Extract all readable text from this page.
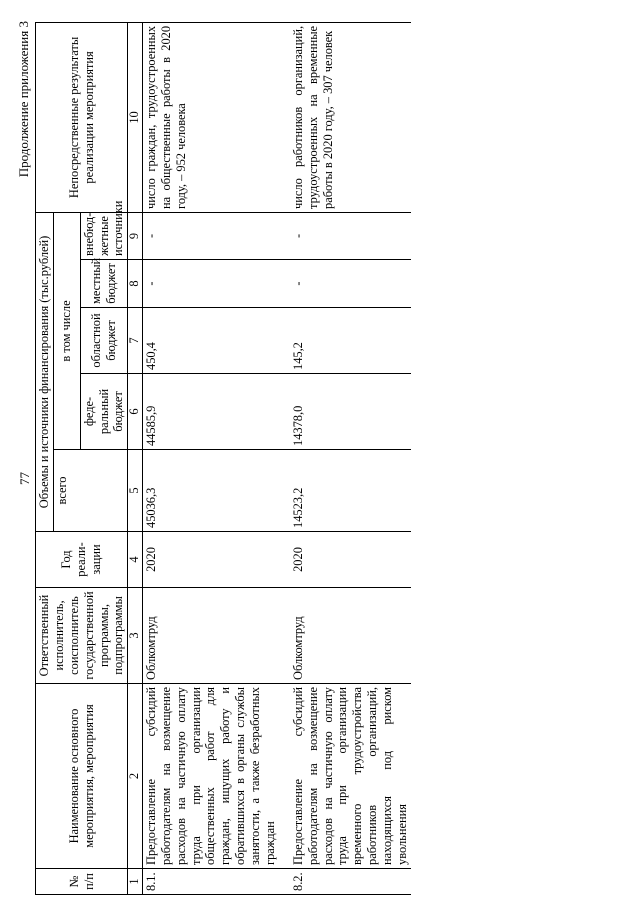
77
Продолжение приложения 3
№ п/п	Наименование основного мероприятия, мероприятия	Ответственный исполнитель, соисполнитель государственной программы, подпрограммы	Год реали-зации	Объемы и источники финансирования (тыс.рублей)					Непосредственные результаты реализации мероприятия
				всего	в том числе				
					феде-ральный бюджет	областной бюджет	местный бюджет	внебюд-жетные источники	
1	2	3	4	5	6	7	8	9	10
8.1.	Предоставление субсидий работодателям на возмещение расходов на частичную оплату труда при организации общественных работ для граждан, ищущих работу и обратившихся в органы службы занятости, а также безработных граждан	Облкомтруд	2020	45036,3	44585,9	450,4	-	-	число граждан, трудоустроенных на общественные работы в 2020 году, – 952 человека
8.2.	Предоставление субсидий работодателям на возмещение расходов на частичную оплату труда при организации временного трудоустройства работников организаций, находящихся под риском увольнения	Облкомтруд	2020	14523,2	14378,0	145,2	-	-	число работников организаций, трудоустроенных на временные работы в 2020 году, – 307 человек
